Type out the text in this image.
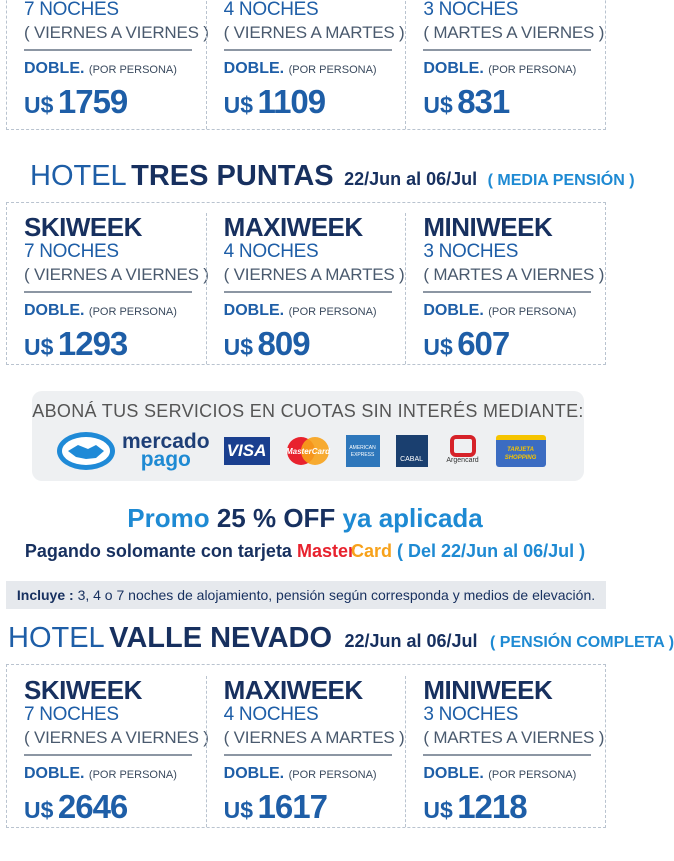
7 NOCHES
( VIERNES A VIERNES )
DOBLE. (POR PERSONA)
U$ 1759
4 NOCHES
( VIERNES A MARTES )
DOBLE. (POR PERSONA)
U$ 1109
3 NOCHES
( MARTES A VIERNES )
DOBLE. (POR PERSONA)
U$ 831
HOTEL TRES PUNTAS 22/Jun al 06/Jul ( MEDIA PENSIÓN )
SKIWEEK
7 NOCHES
( VIERNES A VIERNES )
DOBLE. (POR PERSONA)
U$ 1293
MAXIWEEK
4 NOCHES
( VIERNES A MARTES )
DOBLE. (POR PERSONA)
U$ 809
MINIWEEK
3 NOCHES
( MARTES A VIERNES )
DOBLE. (POR PERSONA)
U$ 607
ABONÁ TUS SERVICIOS EN CUOTAS SIN INTERÉS MEDIANTE:
mercado
pago	VISA	MasterCard	AMERICAN EXPRESS
CABAL	Argencard
TARJETA SHOPPING
Promo 25 % OFF ya aplicada
Pagando solomante con tarjeta MasterCard ( Del 22/Jun al 06/Jul )
Incluye : 3, 4 o 7 noches de alojamiento, pensión según corresponda y medios de elevación.
HOTEL VALLE NEVADO 22/Jun al 06/Jul ( PENSIÓN COMPLETA )
SKIWEEK
7 NOCHES
( VIERNES A VIERNES )
DOBLE. (POR PERSONA)
U$ 2646
MAXIWEEK
4 NOCHES
( VIERNES A MARTES )
DOBLE. (POR PERSONA)
U$ 1617
MINIWEEK
3 NOCHES
( MARTES A VIERNES )
DOBLE. (POR PERSONA)
U$ 1218
